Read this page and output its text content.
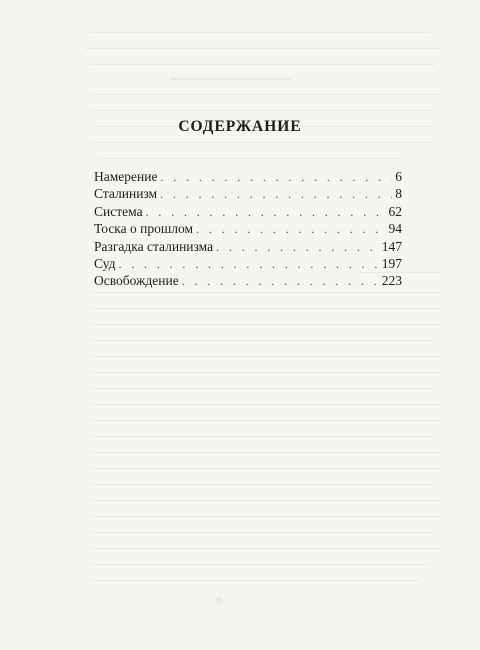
СОДЕРЖАНИЕ
Намерение . . .	6
Сталинизм . . .	8
Система . . .	62
Тоска о прошлом . . .	94
Разгадка сталинизма . . .	147
Суд . . .	197
Освобождение . . .	223
